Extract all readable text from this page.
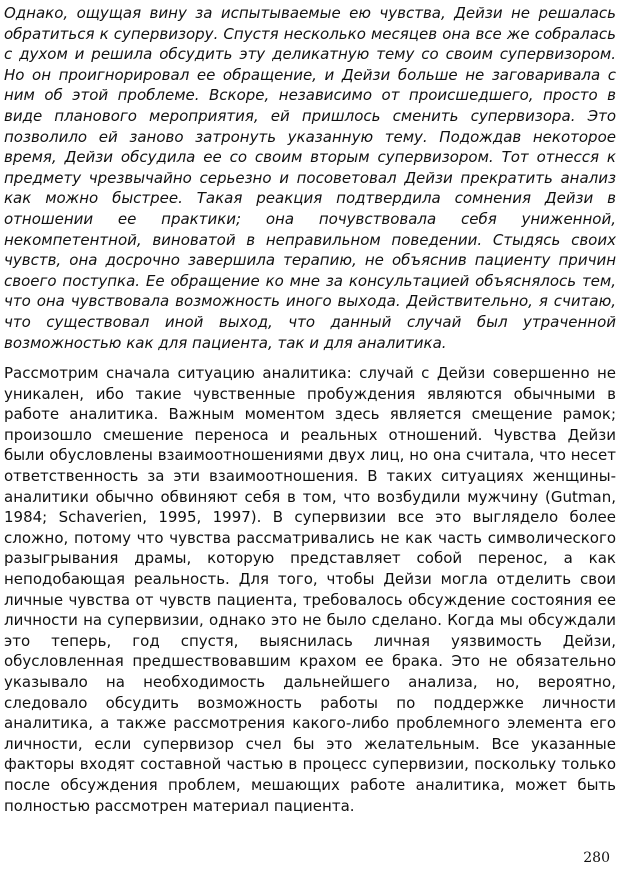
Однако, ощущая вину за испытываемые ею чувства, Дейзи не решалась обратиться к супервизору. Спустя несколько месяцев она все же собралась с духом и решила обсудить эту деликатную тему со своим супервизором. Но он проигнорировал ее обращение, и Дейзи больше не заговаривала с ним об этой проблеме. Вскоре, независимо от происшедшего, просто в виде планового мероприятия, ей пришлось сменить супервизора. Это позволило ей заново затронуть указанную тему. Подождав некоторое время, Дейзи обсудила ее со своим вторым супервизором. Тот отнесся к предмету чрезвычайно серьезно и посоветовал Дейзи прекратить анализ как можно быстрее. Такая реакция подтвердила сомнения Дейзи в отношении ее практики; она почувствовала себя униженной, некомпетентной, виноватой в неправильном поведении. Стыдясь своих чувств, она досрочно завершила терапию, не объяснив пациенту причин своего поступка. Ее обращение ко мне за консультацией объяснялось тем, что она чувствовала возможность иного выхода. Действительно, я считаю, что существовал иной выход, что данный случай был утраченной возможностью как для пациента, так и для аналитика.

Рассмотрим сначала ситуацию аналитика: случай с Дейзи совершенно не уникален, ибо такие чувственные пробуждения являются обычными в работе аналитика. Важным моментом здесь является смещение рамок; произошло смешение переноса и реальных отношений. Чувства Дейзи были обусловлены взаимоотношениями двух лиц, но она считала, что несет ответственность за эти взаимоотношения. В таких ситуациях женщины-аналитики обычно обвиняют себя в том, что возбудили мужчину (Gutman, 1984; Schaverien, 1995, 1997). В супервизии все это выглядело более сложно, потому что чувства рассматривались не как часть символического разыгрывания драмы, которую представляет собой перенос, а как неподобающая реальность. Для того, чтобы Дейзи могла отделить свои личные чувства от чувств пациента, требовалось обсуждение состояния ее личности на супервизии, однако это не было сделано. Когда мы обсуждали это теперь, год спустя, выяснилась личная уязвимость Дейзи, обусловленная предшествовавшим крахом ее брака. Это не обязательно указывало на необходимость дальнейшего анализа, но, вероятно, следовало обсудить возможность работы по поддержке личности аналитика, а также рассмотрения какого-либо проблемного элемента его личности, если супервизор счел бы это желательным. Все указанные факторы входят составной частью в процесс супервизии, поскольку только после обсуждения проблем, мешающих работе аналитика, может быть полностью рассмотрен материал пациента.

280
